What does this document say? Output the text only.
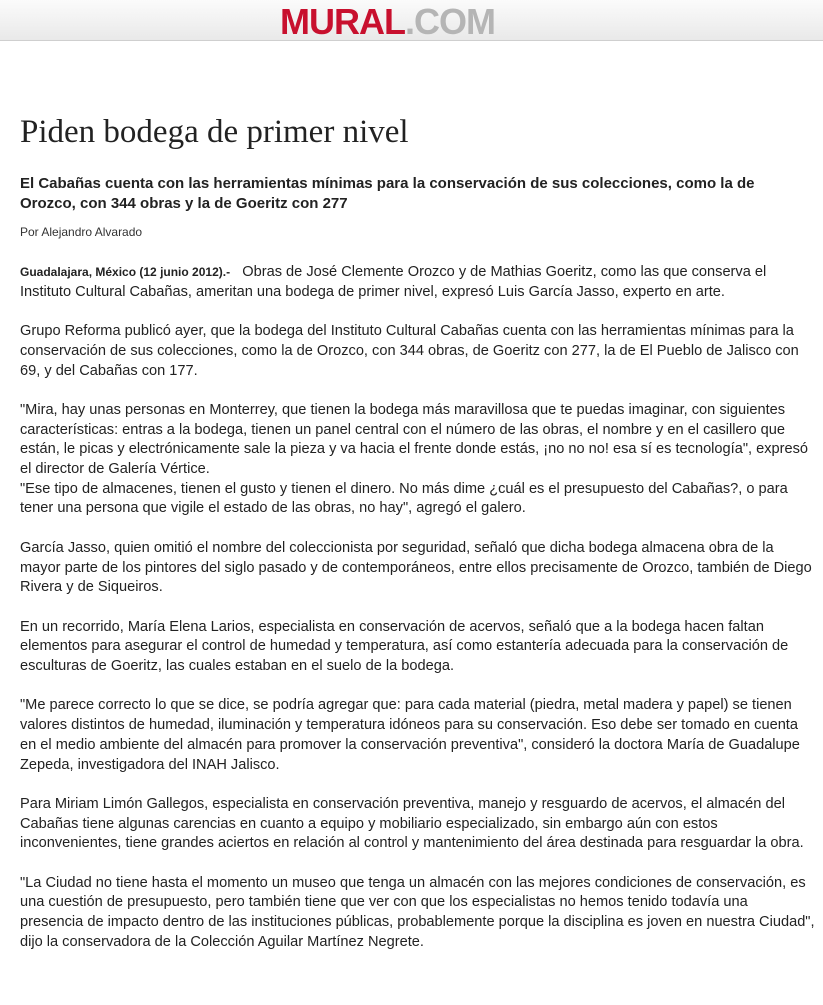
MURAL.COM
Piden bodega de primer nivel
El Cabañas cuenta con las herramientas mínimas para la conservación de sus colecciones, como la de Orozco, con 344 obras y la de Goeritz con 277
Por Alejandro Alvarado

Guadalajara, México (12 junio 2012).- Obras de José Clemente Orozco y de Mathias Goeritz, como las que conserva el Instituto Cultural Cabañas, ameritan una bodega de primer nivel, expresó Luis García Jasso, experto en arte.

Grupo Reforma publicó ayer, que la bodega del Instituto Cultural Cabañas cuenta con las herramientas mínimas para la conservación de sus colecciones, como la de Orozco, con 344 obras, de Goeritz con 277, la de El Pueblo de Jalisco con 69, y del Cabañas con 177.

"Mira, hay unas personas en Monterrey, que tienen la bodega más maravillosa que te puedas imaginar, con siguientes características: entras a la bodega, tienen un panel central con el número de las obras, el nombre y en el casillero que están, le picas y electrónicamente sale la pieza y va hacia el frente donde estás, ¡no no no! esa sí es tecnología", expresó el director de Galería Vértice.

"Ese tipo de almacenes, tienen el gusto y tienen el dinero. No más dime ¿cuál es el presupuesto del Cabañas?, o para tener una persona que vigile el estado de las obras, no hay", agregó el galero.

García Jasso, quien omitió el nombre del coleccionista por seguridad, señaló que dicha bodega almacena obra de la mayor parte de los pintores del siglo pasado y de contemporáneos, entre ellos precisamente de Orozco, también de Diego Rivera y de Siqueiros.

En un recorrido, María Elena Larios, especialista en conservación de acervos, señaló que a la bodega hacen faltan elementos para asegurar el control de humedad y temperatura, así como estantería adecuada para la conservación de esculturas de Goeritz, las cuales estaban en el suelo de la bodega.

"Me parece correcto lo que se dice, se podría agregar que: para cada material (piedra, metal madera y papel) se tienen valores distintos de humedad, iluminación y temperatura idóneos para su conservación. Eso debe ser tomado en cuenta en el medio ambiente del almacén para promover la conservación preventiva", consideró la doctora María de Guadalupe Zepeda, investigadora del INAH Jalisco.

Para Miriam Limón Gallegos, especialista en conservación preventiva, manejo y resguardo de acervos, el almacén del Cabañas tiene algunas carencias en cuanto a equipo y mobiliario especializado, sin embargo aún con estos inconvenientes, tiene grandes aciertos en relación al control y mantenimiento del área destinada para resguardar la obra.

"La Ciudad no tiene hasta el momento un museo que tenga un almacén con las mejores condiciones de conservación, es una cuestión de presupuesto, pero también tiene que ver con que los especialistas no hemos tenido todavía una presencia de impacto dentro de las instituciones públicas, probablemente porque la disciplina es joven en nuestra Ciudad", dijo la conservadora de la Colección Aguilar Martínez Negrete.
